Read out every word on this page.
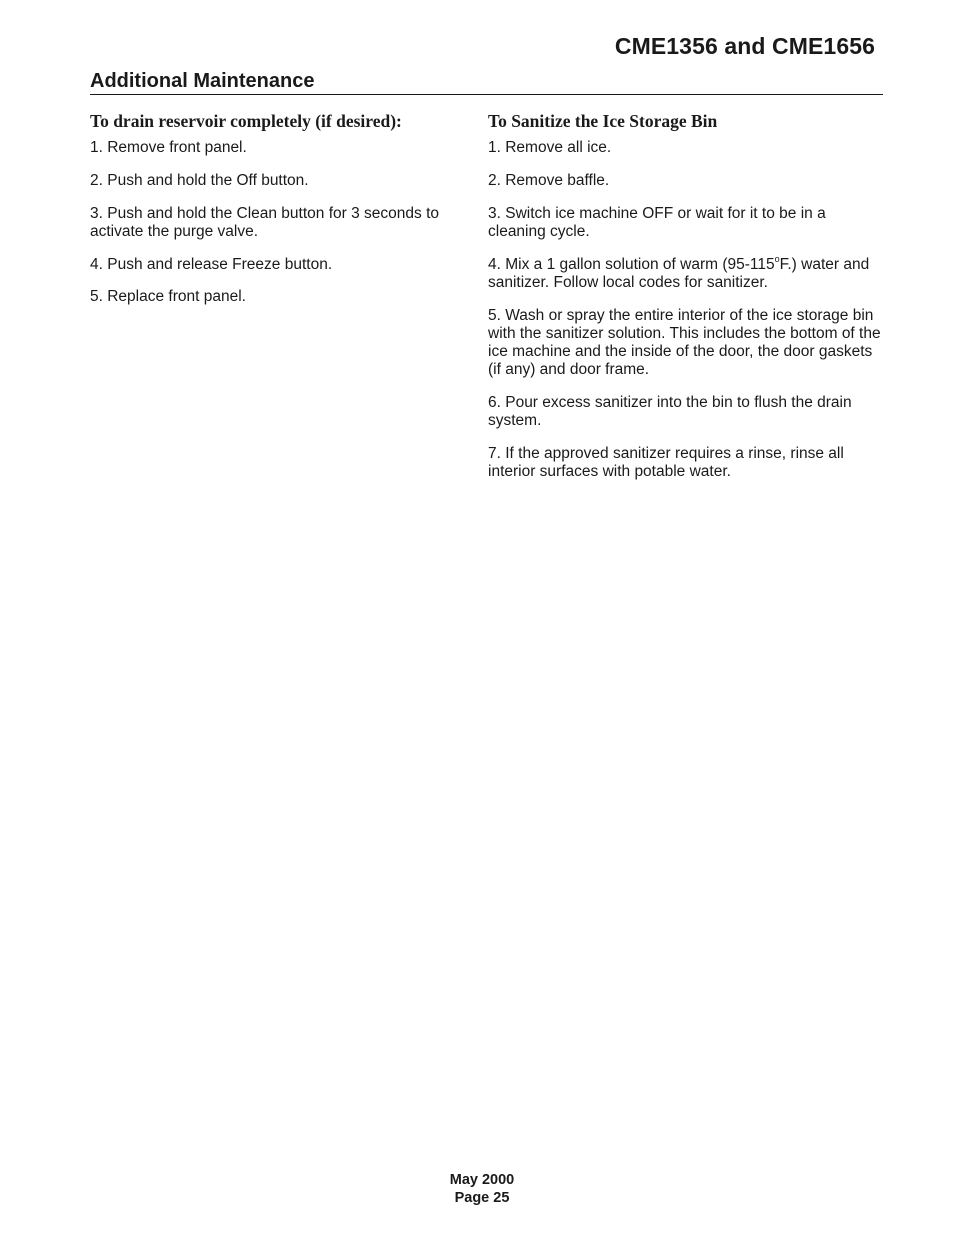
CME1356 and CME1656
Additional Maintenance
To drain reservoir completely (if desired):
1. Remove front panel.
2. Push and hold the Off button.
3. Push and hold the Clean button for 3 seconds to activate the purge valve.
4. Push and release Freeze button.
5. Replace front panel.
To Sanitize the Ice Storage Bin
1. Remove all ice.
2. Remove baffle.
3. Switch ice machine OFF or wait for it to be in a cleaning cycle.
4. Mix a 1 gallon solution of warm (95-115$^o$F.) water and sanitizer. Follow local codes for sanitizer.
5. Wash or spray the entire interior of the ice storage bin with the sanitizer solution. This includes the bottom of the ice machine and the inside of the door, the door gaskets (if any) and door frame.
6. Pour excess sanitizer into the bin to flush the drain system.
7. If the approved sanitizer requires a rinse, rinse all interior surfaces with potable water.
May 2000
Page 25
